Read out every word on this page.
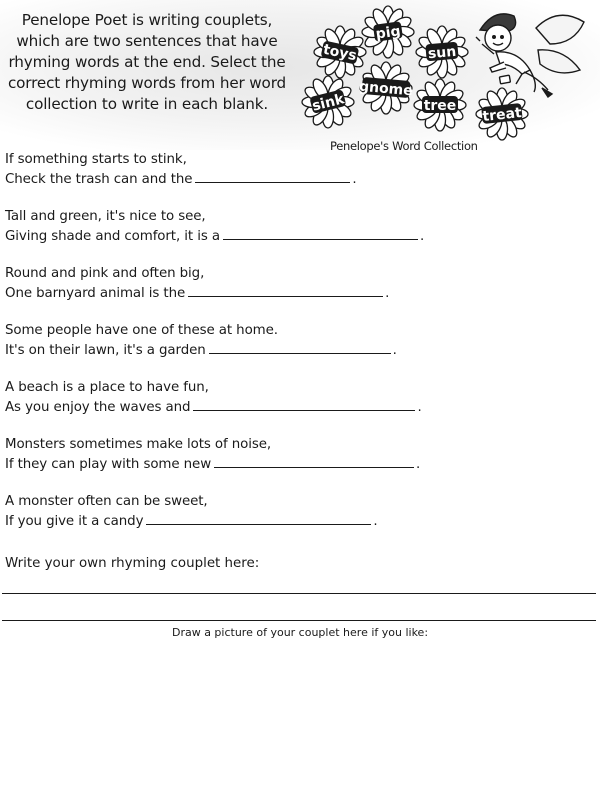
Penelope Poet is writing couplets,
which are two sentences that have
rhyming words at the end. Select the
correct rhyming words from her word
collection to write in each blank.
toys
pig
sun
gnome
sink	tree treat
Penelope's Word Collection
If something starts to stink,
Check the trash can and the	.
Tall and green, it's nice to see,
Giving shade and comfort, it is a	.
Round and pink and often big,
One barnyard animal is the	.
Some people have one of these at home.
It's on their lawn, it's a garden	.
A beach is a place to have fun,
As you enjoy the waves and	.
Monsters sometimes make lots of noise,
If they can play with some new	.
A monster often can be sweet,
If you give it a candy	.
Write your own rhyming couplet here:
Draw a picture of your couplet here if you like:
